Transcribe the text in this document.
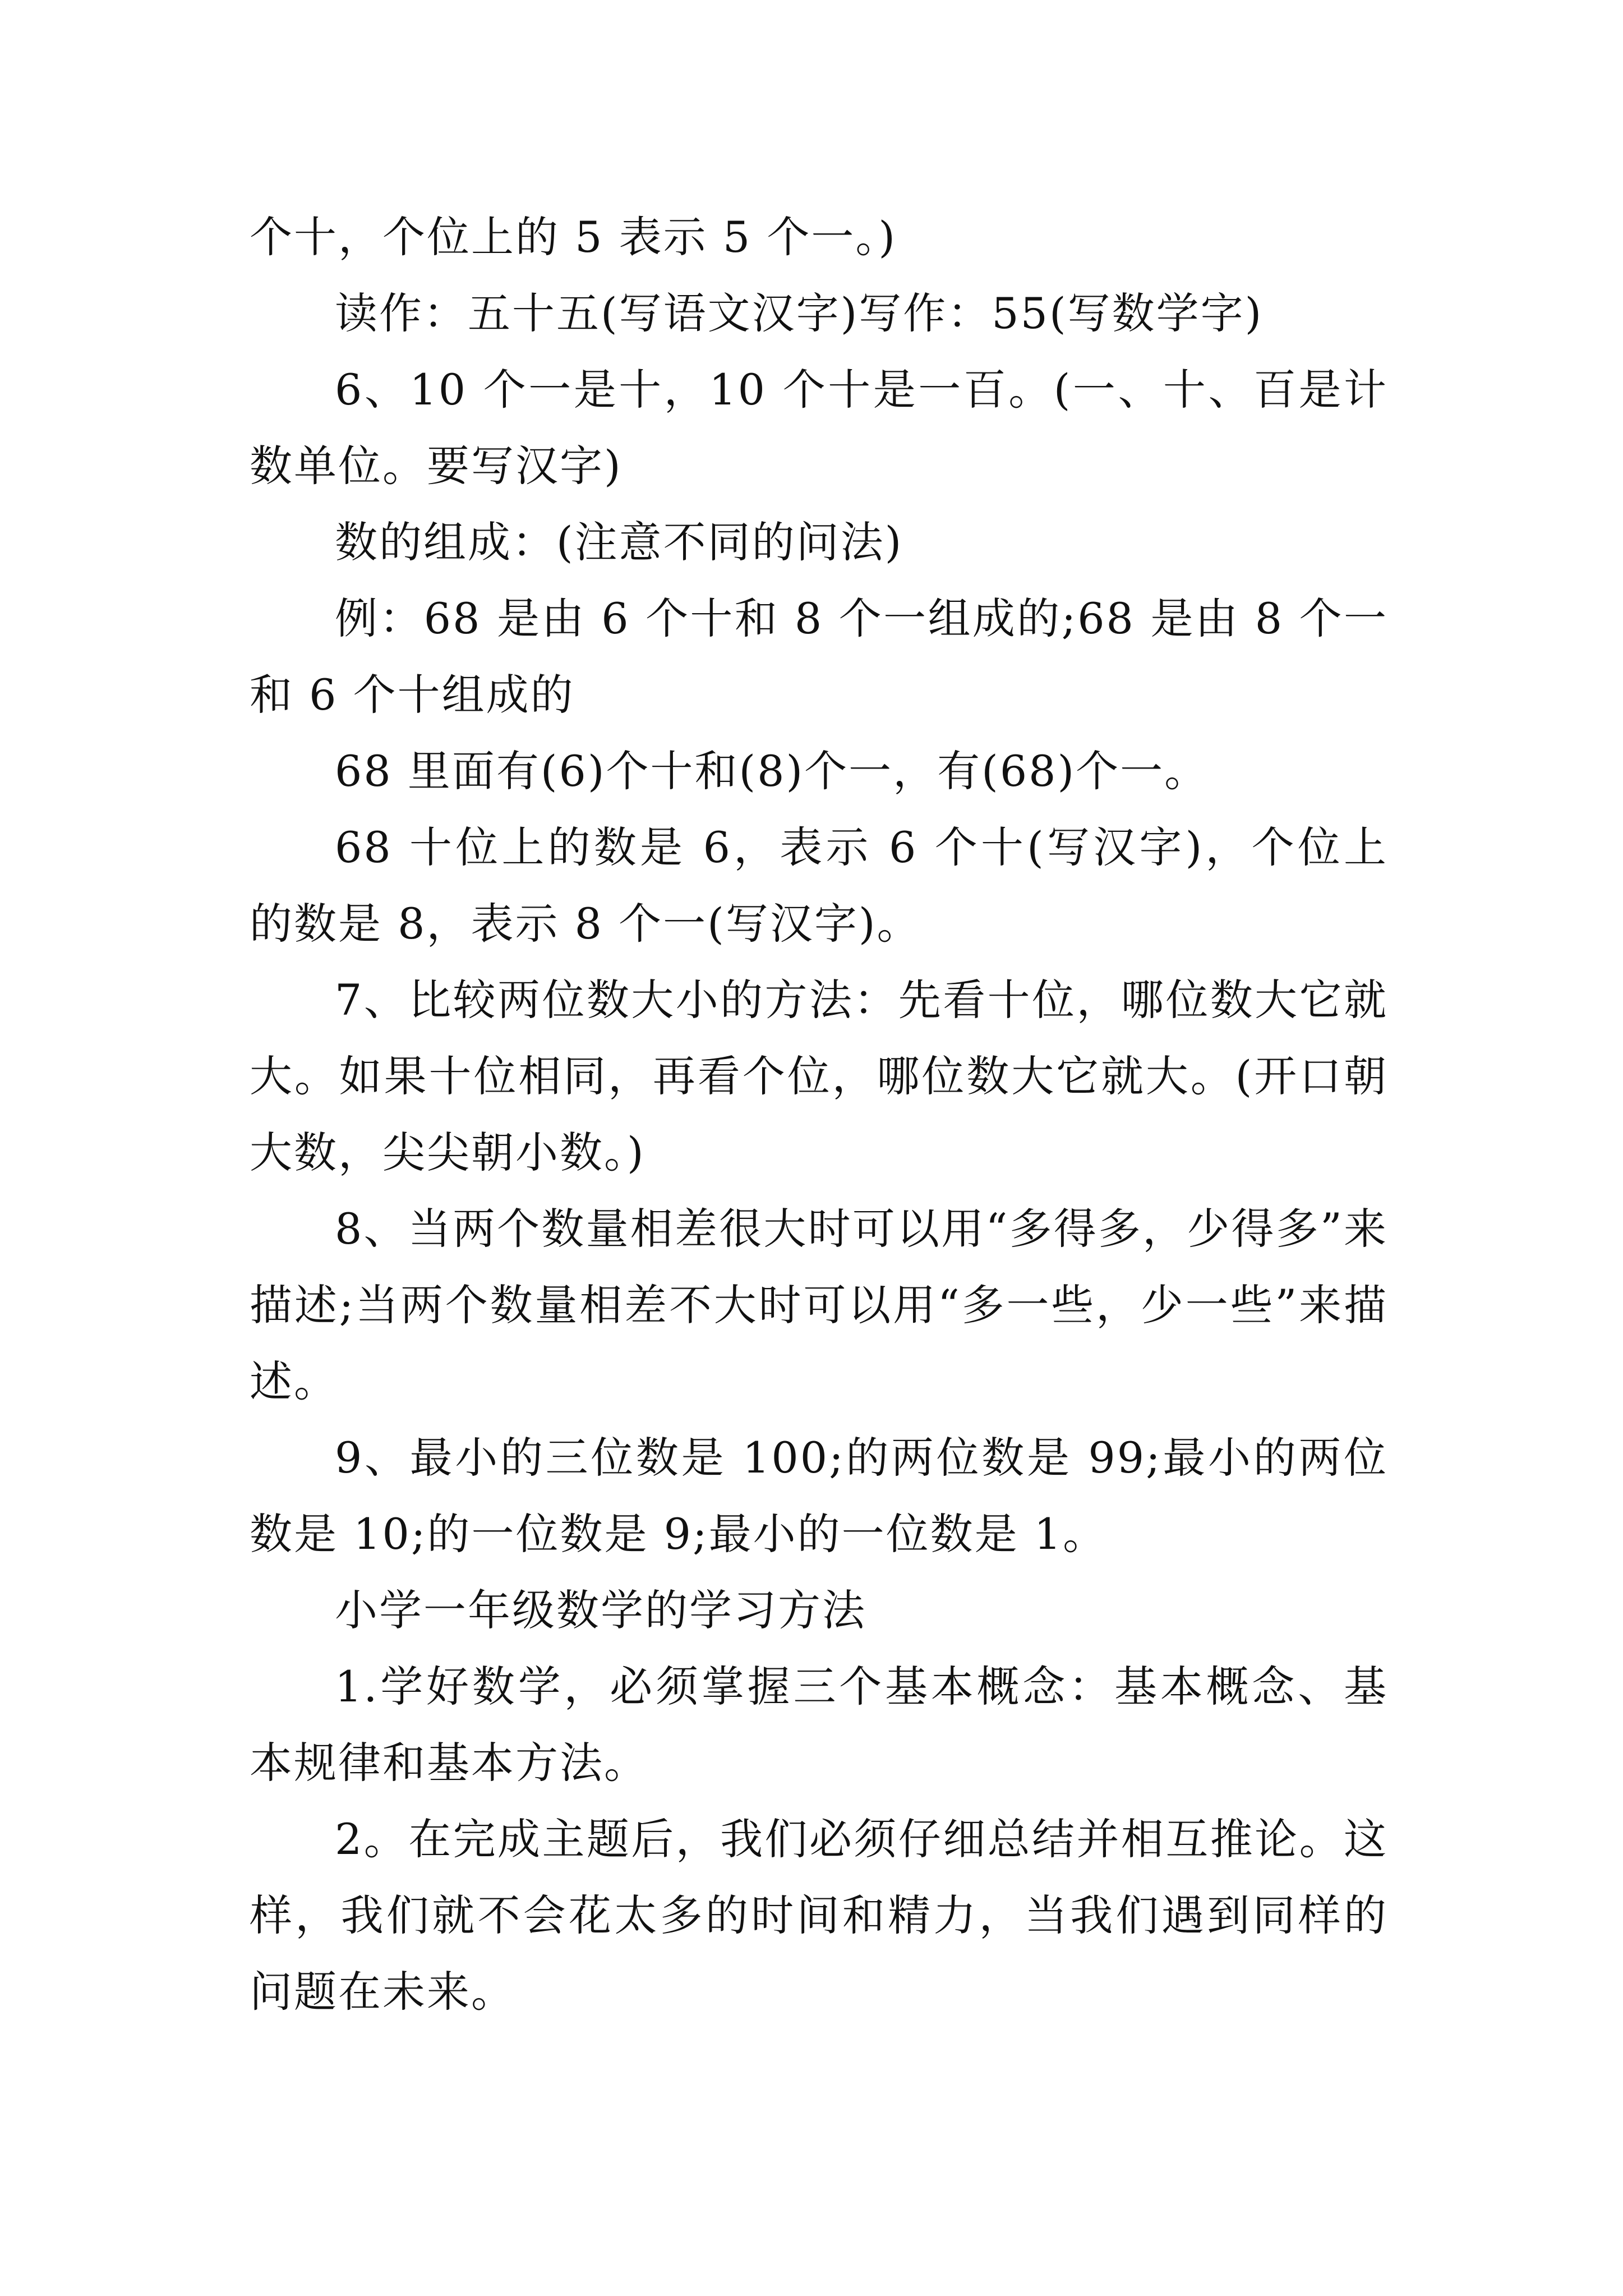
个十，个位上的 5 表示 5 个一。)

读作：五十五(写语文汉字)写作：55(写数学字)

6、10 个一是十，10 个十是一百。(一、十、百是计数单位。要写汉字)

数的组成：(注意不同的问法)

例：68 是由 6 个十和 8 个一组成的;68 是由 8 个一和 6 个十组成的

68 里面有(6)个十和(8)个一，有(68)个一。

68 十位上的数是 6，表示 6 个十(写汉字)，个位上的数是 8，表示 8 个一(写汉字)。

7、比较两位数大小的方法：先看十位，哪位数大它就大。如果十位相同，再看个位，哪位数大它就大。(开口朝大数，尖尖朝小数。)

8、当两个数量相差很大时可以用“多得多，少得多”来描述;当两个数量相差不大时可以用“多一些，少一些”来描述。

9、最小的三位数是 100;的两位数是 99;最小的两位数是 10;的一位数是 9;最小的一位数是 1。

小学一年级数学的学习方法

1.学好数学，必须掌握三个基本概念：基本概念、基本规律和基本方法。

2。在完成主题后，我们必须仔细总结并相互推论。这样，我们就不会花太多的时间和精力，当我们遇到同样的问题在未来。
